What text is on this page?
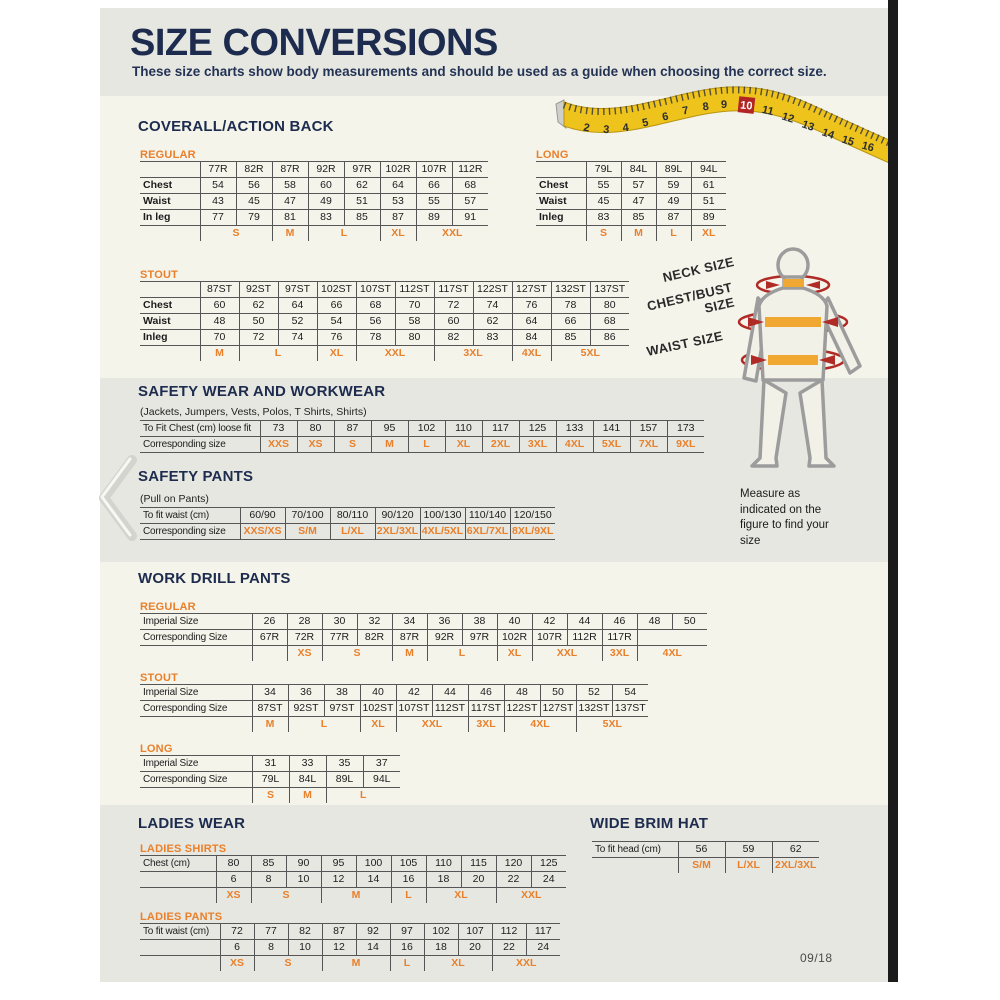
SIZE CONVERSIONS
These size charts show body measurements and should be used as a guide when choosing the correct size.
2 3 4 5 6 7 8 9 10 11 12
13
14 15 16
COVERALL/ACTION BACK
REGULAR
	77R	82R	87R	92R	97R	102R	107R	112R
Chest	54	56	58	60	62	64	66	68
Waist	43	45	47	49	51	53	55	57
In leg	77	79	81	83	85	87	89	91
	S		M	L		XL	XXL	
LONG
	79L	84L	89L	94L
Chest	55	57	59	61
Waist	45	47	49	51
Inleg	83	85	87	89
	S	M	L	XL
STOUT
	87ST	92ST	97ST	102ST	107ST	112ST	117ST	122ST	127ST	132ST	137ST
Chest	60	62	64	66	68	70	72	74	76	78	80
Waist	48	50	52	54	56	58	60	62	64	66	68
Inleg	70	72	74	76	78	80	82	83	84	85	86
	M	L		XL	XXL		3XL		4XL	5XL	
SAFETY WEAR AND WORKWEAR
(Jackets, Jumpers, Vests, Polos, T Shirts, Shirts)
To Fit Chest (cm) loose fit	73	80	87	95	102	110	117	125	133	141	157	173
Corresponding size	XXS	XS	S	M	L	XL	2XL	3XL	4XL	5XL	7XL	9XL
SAFETY PANTS
(Pull on Pants)
To fit waist (cm)	60/90	70/100	80/110	90/120	100/130	110/140	120/150
Corresponding size	XXS/XS	S/M	L/XL	2XL/3XL	4XL/5XL	6XL/7XL	8XL/9XL
WORK DRILL PANTS
REGULAR
Imperial Size	26	28	30	32	34	36	38	40	42	44	46	48	50
Corresponding Size	67R	72R	77R	82R	87R	92R	97R	102R	107R	112R	117R		
		XS	S		M	L		XL	XXL		3XL	4XL	
STOUT
Imperial Size	34	36	38	40	42	44	46	48	50	52	54
Corresponding Size	87ST	92ST	97ST	102ST	107ST	112ST	117ST	122ST	127ST	132ST	137ST
	M	L		XL	XXL		3XL	4XL		5XL	
LONG
Imperial Size	31	33	35	37
Corresponding Size	79L	84L	89L	94L
	S	M	L	
LADIES WEAR
LADIES SHIRTS
Chest (cm)	80	85	90	95	100	105	110	115	120	125
	6	8	10	12	14	16	18	20	22	24
	XS	S		M		L	XL		XXL	
LADIES PANTS
To fit waist (cm)	72	77	82	87	92	97	102	107	112	117
	6	8	10	12	14	16	18	20	22	24
	XS	S		M		L	XL		XXL	
WIDE BRIM HAT
To fit head (cm)	56	59	62
	S/M	L/XL	2XL/3XL
NECK SIZE
CHEST/BUST SIZE
WAIST SIZE
Measure as indicated on the figure to find your size
09/18
